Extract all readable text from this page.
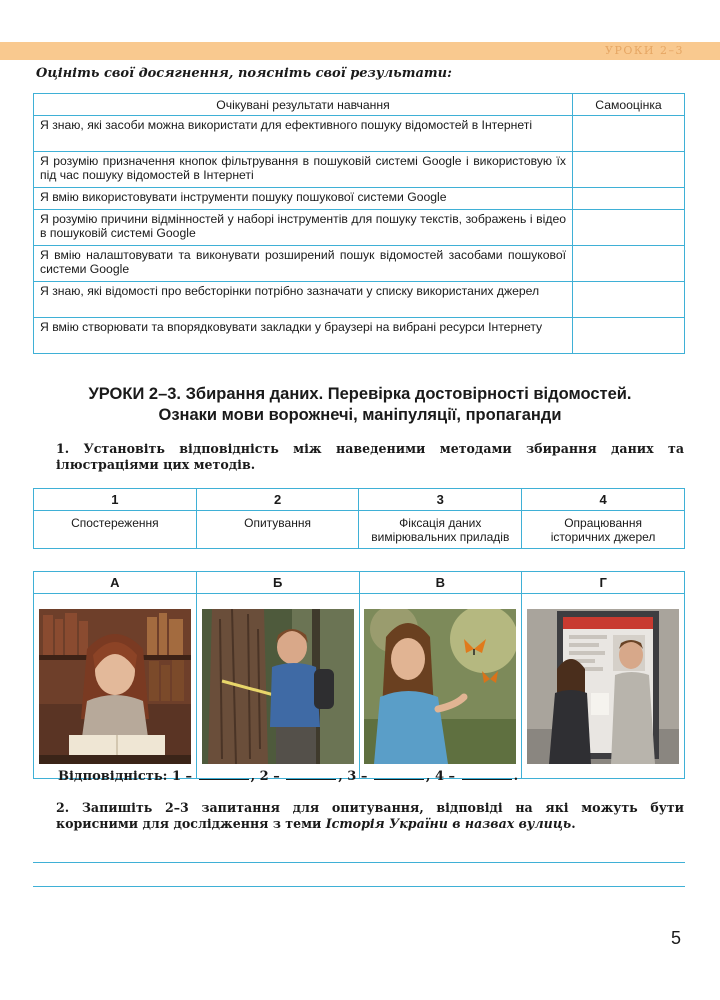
УРОКИ 2–3
Оцініть свої досягнення, поясніть свої результати:
Очікувані результати навчання	Самооцінка
Я знаю, які засоби можна використати для ефективного пошуку відомостей в Інтернеті	
Я розумію призначення кнопок фільтрування в пошуковій системі Google і використовую їх під час пошуку відомостей в Інтернеті	
Я вмію використовувати інструменти пошуку пошукової системи Google	
Я розумію причини відмінностей у наборі інструментів для пошуку текстів, зображень і відео в пошуковій системі Google	
Я вмію налаштовувати та виконувати розширений пошук відомостей засобами пошукової системи Google	
Я знаю, які відомості про вебсторінки потрібно зазначати у списку використаних джерел	
Я вмію створювати та впорядковувати закладки у браузері на вибрані ресурси Інтернету	
УРОКИ 2–3. Збирання даних. Перевірка достовірності відомостей.
Ознаки мови ворожнечі, маніпуляції, пропаганди
1. Установіть відповідність між наведеними методами збирання даних та ілюстраціями цих методів.
1	2	3	4
Спостереження	Опитування	Фіксація даних вимірювальних приладів	Опрацювання історичних джерел
А	Б	В	Г

Відповідність: 1 –	, 2 –	, 3 –	, 4 –	.
2. Запишіть 2–3 запитання для опитування, відповіді на які можуть бути корисними для дослідження з теми Історія України в назвах вулиць.
5
